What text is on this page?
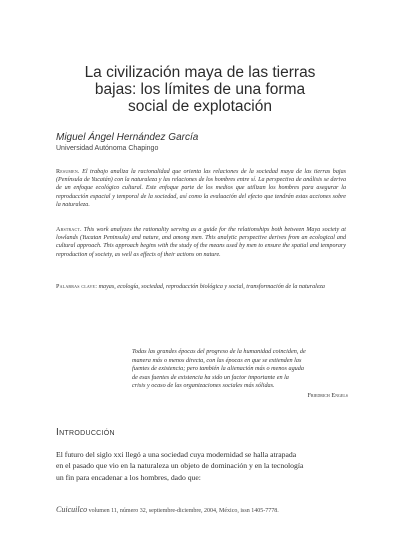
La civilización maya de las tierras
bajas: los límites de una forma
social de explotación
Miguel Ángel Hernández García
Universidad Autónoma Chapingo
Resumen. El trabajo analiza la racionalidad que orienta las relaciones de la sociedad maya de las tierras bajas (Península de Yucatán) con la naturaleza y las relaciones de los hombres entre sí. La perspectiva de análisis se deriva de un enfoque ecológico cultural. Este enfoque parte de los medios que utilizan los hombres para asegurar la reproducción espacial y temporal de la sociedad, así como la evaluación del efecto que tendrán estas acciones sobre la naturaleza.
Abstract. This work analyzes the rationality serving as a guide for the relationships both between Maya society at lowlands (Yucatan Peninsula) and nature, and among men. This analytic perspective derives from an ecological and cultural approach. This approach begins with the study of the means used by men to ensure the spatial and temporary reproduction of society, as well as effects of their actions on nature.
Palabras clave: mayas, ecología, sociedad, reproducción biológica y social, transformación de la naturaleza
Todas las grandes épocas del progreso de la humanidad coinciden, de
manera más o menos directa, con las épocas en que se extienden las
fuentes de existencia; pero también la alienación más o menos aguda
de esas fuentes de existencia ha sido un factor importante en la
crisis y ocaso de las organizaciones sociales más sólidas.
Friedrich Engels
Introducción
El futuro del siglo xxi llegó a una sociedad cuya modernidad se halla atrapada
en el pasado que vio en la naturaleza un objeto de dominación y en la tecnología
un fin para encadenar a los hombres, dado que:
Cuicuilco volumen 11, número 32, septiembre-diciembre, 2004, México, issn 1405-7778.
